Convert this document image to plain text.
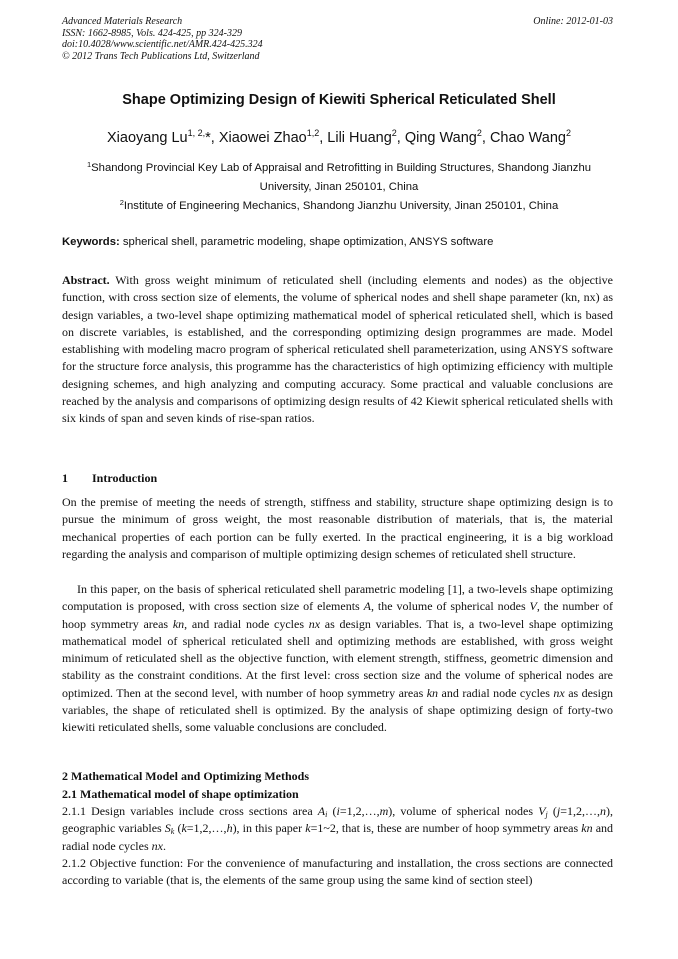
Advanced Materials Research
ISSN: 1662-8985, Vols. 424-425, pp 324-329
doi:10.4028/www.scientific.net/AMR.424-425.324
© 2012 Trans Tech Publications Ltd, Switzerland
Online: 2012-01-03
Shape Optimizing Design of Kiewiti Spherical Reticulated Shell
Xiaoyang $Lu^{1, 2,}*$, Xiaowei Zhao$^{1,2}$, Lili Huang$^2$, Qing Wang$^2$, Chao Wang$^2$
$^1$Shandong Provincial Key Lab of Appraisal and Retrofitting in Building Structures, Shandong Jianzhu University, Jinan 250101, China
$^2$Institute of Engineering Mechanics, Shandong Jianzhu University, Jinan 250101, China
Keywords: spherical shell, parametric modeling, shape optimization, ANSYS software
Abstract. With gross weight minimum of reticulated shell (including elements and nodes) as the objective function, with cross section size of elements, the volume of spherical nodes and shell shape parameter (kn, nx) as design variables, a two-level shape optimizing mathematical model of spherical reticulated shell, which is based on discrete variables, is established, and the corresponding optimizing design programmes are made. Model establishing with modeling macro program of spherical reticulated shell parameterization, using ANSYS software for the structure force analysis, this programme has the characteristics of high optimizing efficiency with multiple designing schemes, and high analyzing and computing accuracy. Some practical and valuable conclusions are reached by the analysis and comparisons of optimizing design results of 42 Kiewit spherical reticulated shells with six kinds of span and seven kinds of rise-span ratios.
1 Introduction
On the premise of meeting the needs of strength, stiffness and stability, structure shape optimizing design is to pursue the minimum of gross weight, the most reasonable distribution of materials, that is, the material mechanical properties of each portion can be fully exerted. In the practical engineering, it is a big workload regarding the analysis and comparison of multiple optimizing design schemes of reticulated shell structure.
In this paper, on the basis of spherical reticulated shell parametric modeling [1], a two-levels shape optimizing computation is proposed, with cross section size of elements A, the volume of spherical nodes V, the number of hoop symmetry areas kn, and radial node cycles nx as design variables. That is, a two-level shape optimizing mathematical model of spherical reticulated shell and optimizing methods are established, with gross weight minimum of reticulated shell as the objective function, with element strength, stiffness, geometric dimension and stability as the constraint conditions. At the first level: cross section size and the volume of spherical nodes are optimized. Then at the second level, with number of hoop symmetry areas kn and radial node cycles nx as design variables, the shape of reticulated shell is optimized. By the analysis of shape optimizing design of forty-two kiewiti reticulated shells, some valuable conclusions are concluded.
2 Mathematical Model and Optimizing Methods
2.1 Mathematical model of shape optimization
2.1.1 Design variables include cross sections area $A_i$ (i=1,2,…,m), volume of spherical nodes $V_j$ (j=1,2,…,n), geographic variables $S_k$ (k=1,2,…,h), in this paper k=1~2, that is, these are number of hoop symmetry areas kn and radial node cycles nx.
2.1.2 Objective function: For the convenience of manufacturing and installation, the cross sections are connected according to variable (that is, the elements of the same group using the same kind of section steel)
